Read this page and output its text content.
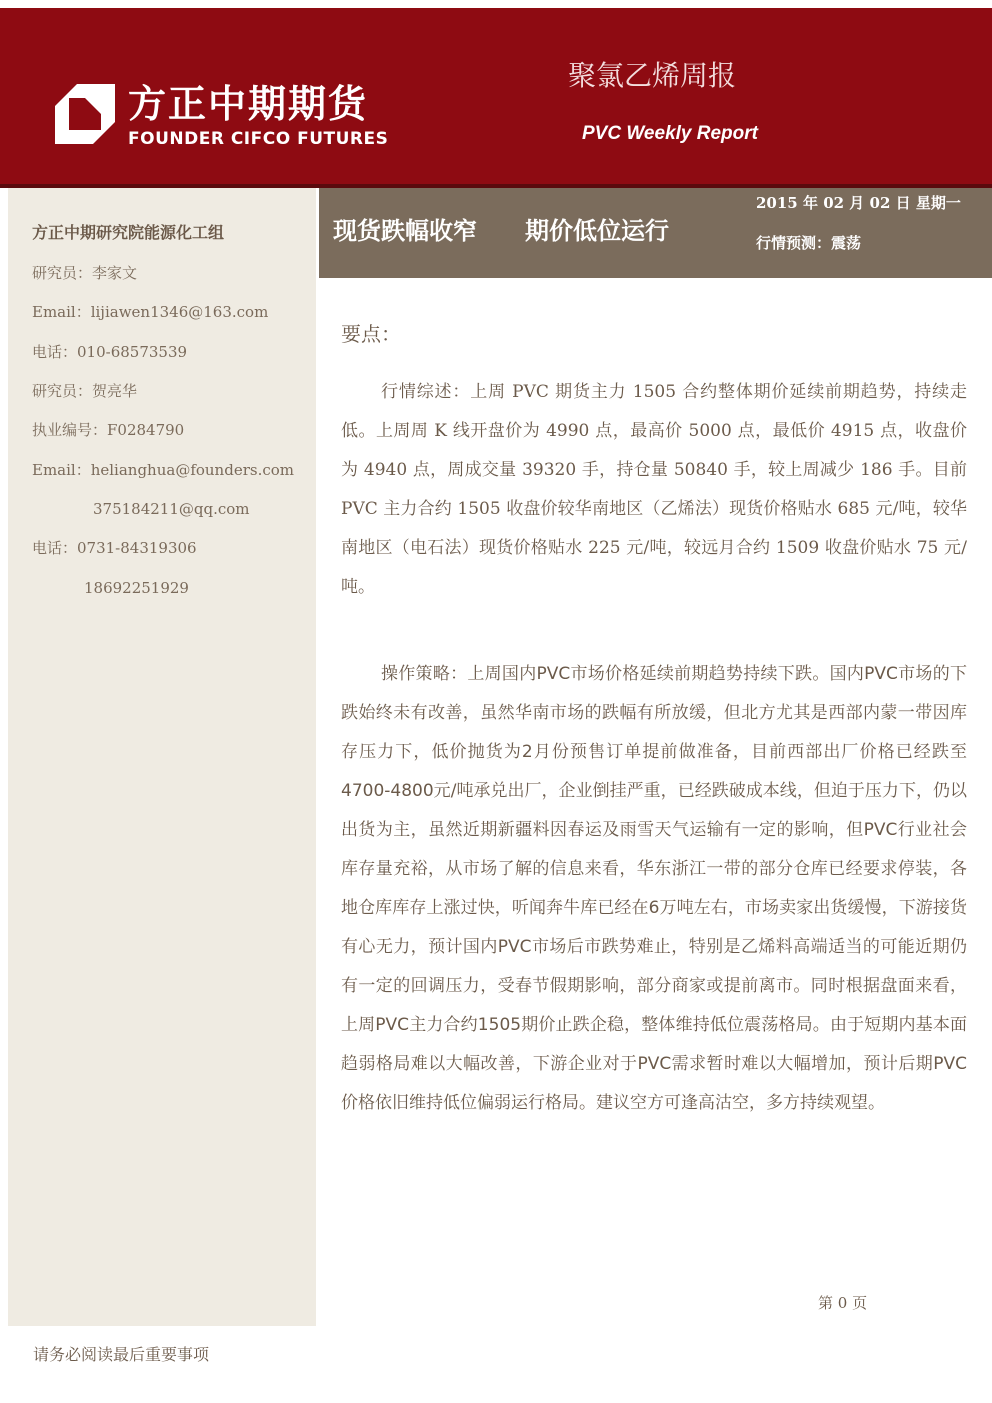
方正中期期货
FOUNDER CIFCO FUTURES
聚氯乙烯周报
PVC Weekly Report
方正中期研究院能源化工组
研究员：李家文
Email：lijiawen1346@163.com
电话：010-68573539
研究员：贺亮华
执业编号：F0284790
Email：helianghua@founders.com
375184211@qq.com
电话：0731-84319306
18692251929
现货跌幅收窄　　期价低位运行
2015 年 02 月 02 日 星期一
行情预测：震荡
要点：

行情综述：上周 PVC 期货主力 1505 合约整体期价延续前期趋势，持续走低。上周周 K 线开盘价为 4990 点，最高价 5000 点，最低价 4915 点，收盘价为 4940 点，周成交量 39320 手，持仓量 50840 手，较上周减少 186 手。目前 PVC 主力合约 1505 收盘价较华南地区（乙烯法）现货价格贴水 685 元/吨，较华南地区（电石法）现货价格贴水 225 元/吨，较远月合约 1509 收盘价贴水 75 元/吨。

操作策略：上周国内PVC市场价格延续前期趋势持续下跌。国内PVC市场的下跌始终未有改善，虽然华南市场的跌幅有所放缓，但北方尤其是西部内蒙一带因库存压力下，低价抛货为2月份预售订单提前做准备，目前西部出厂价格已经跌至4700-4800元/吨承兑出厂，企业倒挂严重，已经跌破成本线，但迫于压力下，仍以出货为主，虽然近期新疆料因春运及雨雪天气运输有一定的影响，但PVC行业社会库存量充裕，从市场了解的信息来看，华东浙江一带的部分仓库已经要求停装，各地仓库库存上涨过快，听闻奔牛库已经在6万吨左右，市场卖家出货缓慢，下游接货有心无力，预计国内PVC市场后市跌势难止，特别是乙烯料高端适当的可能近期仍有一定的回调压力，受春节假期影响，部分商家或提前离市。同时根据盘面来看，上周PVC主力合约1505期价止跌企稳，整体维持低位震荡格局。由于短期内基本面趋弱格局难以大幅改善，下游企业对于PVC需求暂时难以大幅增加，预计后期PVC价格依旧维持低位偏弱运行格局。建议空方可逢高沽空，多方持续观望。

第 0 页
请务必阅读最后重要事项
